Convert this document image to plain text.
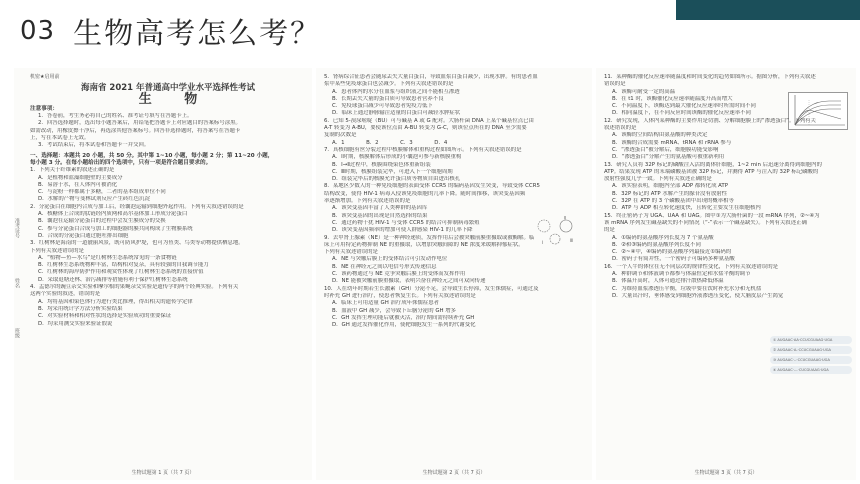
03 生物高考怎么考？
准考证号
姓名
班级
机密★启用前
海南省 2021 年普通高中学业水平选择性考试
生 物
注意事项：

1．答卷前，考生务必将自己的姓名、准考证号填写在答题卡上。

2．回答选择题时，选出每小题答案后，用铅笔把答题卡上对应题目的答案标号涂黑。

如需改动，用橡皮擦干净后，再选涂其他答案标号。回答非选择题时，将答案写在答题卡

上，写在本试卷上无效。

3．考试结束后，将本试卷和答题卡一并交回。

一、选择题：本题共 20 小题，共 50 分。其中第 1~10 小题，每小题 2 分；第 11~20 小题，
每小题 3 分。在每小题给出的四个选项中，只有一项是符合题目要求的。

1．下列关于纤维素的叙述正确的是

A．是植物和蓝藻细胞壁的主要成分

B．易溶于水，在人体内可被消化

C．与淀粉一样都属于多糖，二者的基本组成单位不同

D．水解的产物与斐林试剂反应产生砖红色沉淀

2．分泌蛋白在细胞内合成与加工后，经囊泡运输到细胞外起作用。下列有关叙述错误的是

A．核糖体上合成的肽链经内质网和高尔基体加工形成分泌蛋白

B．囊泡在运输分泌蛋白的过程中会发生膜成分的交换

C．参与分泌蛋白合成与加工的细胞器的膜共同构成了生物膜系统

D．合成的分泌蛋白通过胞吐排出细胞

3．红树林是海南的一道靓丽风景，既可防风护堤，也可为鱼类、鸟类等动物提供栖息地。

下列有关叙述错误的是

A．“植物—鱼—水鸟”是红树林生态系统常见的一条食物链

B．红树林生态系统物种丰富，结构相对复杂，具有较强的自我调节能力

C．红树林的海岸防护作用和观赏性体现了红树林生态系统的直接价值

D．采取退塘还林、治污减排等措施有利于保护红树林生态系统

4．孟德尔的豌豆杂交实验和摩尔根的果蝇杂交实验是遗传学的两个经典实验。下列有关

这两个实验的叙述，错误的是

A．均将基因和染色体行为进行类比推理，得出相关的遗传学定律

B．均采用统计学方法分析实验结果

C．对实验材料和相对性状的选择是实验成功的重要保证

D．均采用测交实验来验证假说

生物试题第 1 页（共 7 页）
Ⅰ
Ⅱ
Ⅲ

5．肾病综合征患者会随尿丢失大量白蛋白，导致血浆白蛋白减少，出现水肿。有的患者血

浆中某些免疫球蛋白也会减少。下列有关叙述错误的是

A．患者体内的水分在血浆与组织液之间不能相互渗透

B．长期丢失大量的蛋白质可导致患者营养不良

C．免疫球蛋白减少可导致患者免疫力低下

D．临床上通过静脉输注适量的白蛋白可减轻水肿症状

6．已知 5-溴尿嘧啶（BU）可与碱基 A 或 G 配对。大肠杆菌 DNA 上某个碱基位点已由

A-T 转变为 A-BU，要使该位点由 A-BU 转变为 G-C，则该位点所在的 DNA 至少需要

复制的次数是

A．1　　　　B．2　　　　C．3　　　　D．4

7．真核细胞有丝分裂过程中核膜解体和重构过程如图所示。下列有关叙述错误的是

A．Ⅰ时期，核膜解体后形成的小囊泡可参与新核膜重构

B．Ⅰ→Ⅱ过程中，核膜围绕染色体重新组装

C．Ⅲ时期，核膜组装完毕，可进入下一个细胞周期

D．组装完毕后的核膜允许蛋白质等物质自由进出核孔

8．某地区少数人的一种免疫细胞的表面受体 CCR5 的编码基因发生突变，导致受体 CCR5

结构改变，使得 HIV-1 病毒入侵该免疫细胞的几率下降。随时间推移，该突变基因频

率逐渐增加。下列有关叙述错误的是

A．该突变基因丰富了人类种群的基因库

B．该突变基因的出现是自然选择的结果

C．通过药物干扰 HIV-1 与受体 CCR5 的结合可抑制病毒繁殖

D．该突变基因频率的增加可使人群感染 HIV-1 的几率下降

9．去甲肾上腺素（NE）是一种神经递质，发挥作用后会被突触前膜重摄取或被酶解。临

床上可用特定药物抑制 NE 的重摄取，以增加突触间隙的 NE 浓度来缓解抑郁症状。

下列有关叙述错误的是

A．NE 与突触后膜上的受体结合可引发动作电位

B．NE 在神经元之间以电信号形式传递信息

C．该药物通过与 NE 竞争突触后膜上的受体而发挥作用

D．NE 能被突触前膜重摄取，表明兴奋在神经元之间可双向传递

10．人在幼年时期若生长激素（GH）分泌不足，会导致生长停滞，发生侏儒症，可通过及

时补充 GH 进行治疗，使患者恢复生长。下列有关叙述错误的是

A．临床上可用适量 GH 治疗成年侏儒症患者

B．血液中 GH 减少，会导致下丘脑分泌的 GH 增多

C．GH 发挥生理功能后就被灭活，治疗期间需持续补充 GH

D．GH 通过发挥催化作用，使靶细胞发生一系列的代谢变化

生物试题第 2 页（共 7 页）
① AUGAAC·AA·CCUCGUAAG·UGA
② AUGAAC·A-·CCUCGUAAG·UGA
③ AUGAAC·--·CCUCGUAAG·UGA
④ AUGAAC·---·CUCGUAAG·UGA

11．某种酶的催化反应速率随温度和时间变化的趋势如图所示。据图分析，下列有关叙述

错误的是

A．该酶可耐受一定的高温

B．在 t1 时，该酶催化反应速率随温度升高而增大

C．不同温度下，该酶达到最大催化反应速率时所需时间不同

D．相同温度下，在不同反应时间该酶的催化反应速率不同

12．研究发现，人体内某种酶的主要作用是切割、分解细胞膜上的“渗透蛋白”。下列有关

叙述错误的是

A．该酶的空间结构由氨基酸的种类决定

B．该酶的合成需要 mRNA、tRNA 和 rRNA 参与

C．“渗透蛋白”被分解后，细胞膜功能受影响

D．“渗透蛋白”分解产生的氨基酸可被重新利用

13．研究人员将 32P 标记的磷酸注入活的离体肝细胞，1~2 min 后迅速分离得到细胞内的

ATP。结果发现 ATP 的末端磷酸基团被 32P 标记，并测得 ATP 与注入的 32P 标记磷酸的

放射性强度几乎一致。下列有关叙述正确的是

A．该实验表明，细胞内全部 ADP 都转化成 ATP

B．32P 标记的 ATP 水解产生的腺苷没有放射性

C．32P 在 ATP 的 3 个磷酸基团中出现的概率相等

D．ATP 与 ADP 相互转化速度快，且转化主要发生在细胞核内

15．终止密码子为 UGA、UAA 和 UAG。图中①为大肠杆菌的一段 mRNA 序列，②~④为

该 mRNA 序列发生碱基缺失的不同情况（“-”表示一个碱基缺失）。下列有关叙述正确

的是

A．①编码的氨基酸序列长度为 7 个氨基酸

B．②和③编码的氨基酸序列长度不同

C．②~④中，④编码的氨基酸序列最接近①编码的

D．密码子有简并性，一个密码子可编码多种氨基酸

16．一个人牛的体位在无不同层次的规律性变化，下列有关叙述错误的是

A．种群调节和体液调节都参与体温恒定和水盐平衡的调节

B．体温升高时，人体可通过排汗散热降低体温

C．为维持血浆渗透压平衡，垃圾中要在饮时补充水分和无机盐

D．大量出汗时，垂体感受到细胞外液渗透压变化，使大脑皮层产生渴觉

生物试题第 3 页（共 7 页）
